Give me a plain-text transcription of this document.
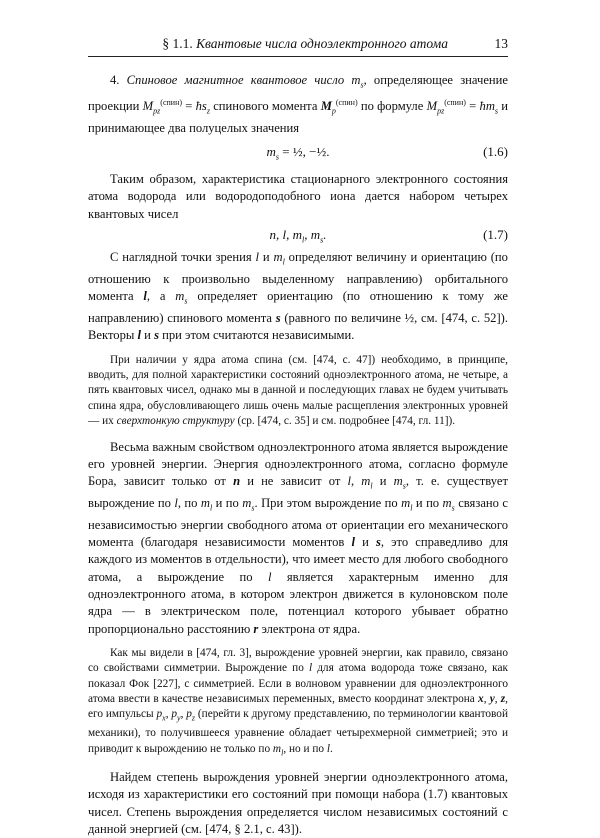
§ 1.1. Квантовые числа одноэлектронного атома	13

4. Спиновое магнитное квантовое число $m_s$, определяющее значение проекции $M_{pz}^{(спин)}$ = $ħs_z$ спинового момента $M_p^{(спин)}$ по формуле $M_{pz}^{(спин)}$ = $ħm_s$ и принимающее два полуцелых значения

$m_s$ = ½, −½.	(1.6)

Таким образом, характеристика стационарного электронного состояния атома водорода или водородоподобного иона дается набором четырех квантовых чисел

n, l, $m_l$, $m_s$.	(1.7)

С наглядной точки зрения l и $m_l$ определяют величину и ориентацию (по отношению к произвольно выделенному направлению) орбитального момента l, а $m_s$ определяет ориентацию (по отношению к тому же направлению) спинового момента s (равного по величине ½, см. [474, с. 52]). Векторы l и s при этом считаются независимыми.

При наличии у ядра атома спина (см. [474, с. 47]) необходимо, в принципе, вводить, для полной характеристики состояний одноэлектронного атома, не четыре, а пять квантовых чисел, однако мы в данной и последующих главах не будем учитывать спина ядра, обусловливающего лишь очень малые расщепления электронных уровней — их сверхтонкую структуру (ср. [474, с. 35] и см. подробнее [474, гл. 11]).

Весьма важным свойством одноэлектронного атома является вырождение его уровней энергии. Энергия одноэлектронного атома, согласно формуле Бора, зависит только от n и не зависит от l, $m_l$ и $m_s$, т. е. существует вырождение по l, по $m_l$ и по $m_s$. При этом вырождение по $m_l$ и по $m_s$ связано с независимостью энергии свободного атома от ориентации его механического момента (благодаря независимости моментов l и s, это справедливо для каждого из моментов в отдельности), что имеет место для любого свободного атома, а вырождение по l является характерным именно для одноэлектронного атома, в котором электрон движется в кулоновском поле ядра — в электрическом поле, потенциал которого убывает обратно пропорционально расстоянию r электрона от ядра.

Как мы видели в [474, гл. 3], вырождение уровней энергии, как правило, связано со свойствами симметрии. Вырождение по l для атома водорода тоже связано, как показал Фок [227], с симметрией. Если в волновом уравнении для одноэлектронного атома ввести в качестве независимых переменных, вместо координат электрона x, y, z, его импульсы $p_x$, $p_y$, $p_z$ (перейти к другому представлению, по терминологии квантовой механики), то получившееся уравнение обладает четырехмерной симметрией; это и приводит к вырождению не только по $m_l$, но и по l.

Найдем степень вырождения уровней энергии одноэлектронного атома, исходя из характеристики его состояний при помощи набора (1.7) квантовых чисел. Степень вырождения определяется числом независимых состояний с данной энергией (см. [474, § 2.1, с. 43]).
